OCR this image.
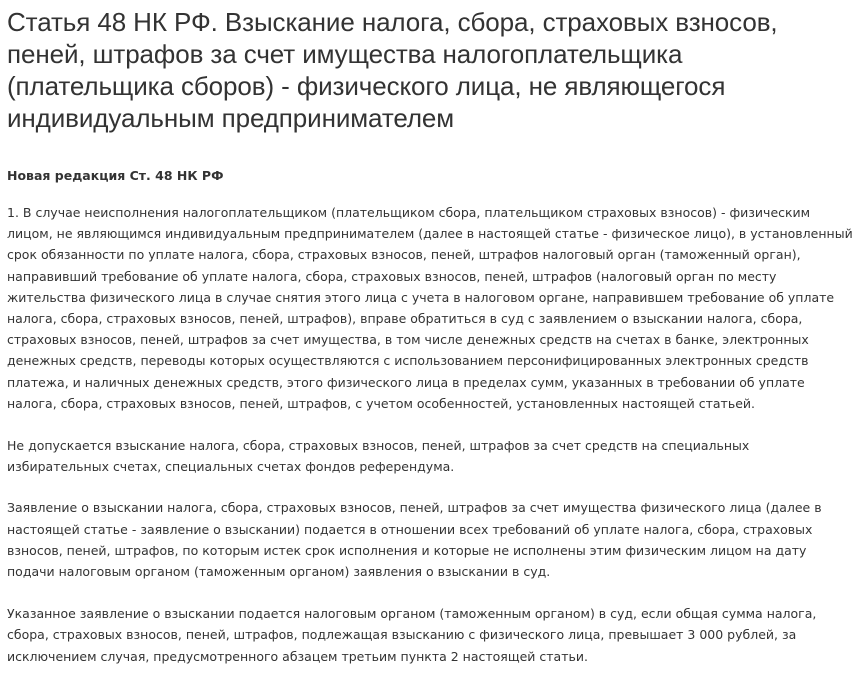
Статья 48 НК РФ. Взыскание налога, сбора, страховых взносов, пеней, штрафов за счет имущества налогоплательщика (плательщика сборов) - физического лица, не являющегося индивидуальным предпринимателем
Новая редакция Ст. 48 НК РФ

1. В случае неисполнения налогоплательщиком (плательщиком сбора, плательщиком страховых взносов) - физическим лицом, не являющимся индивидуальным предпринимателем (далее в настоящей статье - физическое лицо), в установленный срок обязанности по уплате налога, сбора, страховых взносов, пеней, штрафов налоговый орган (таможенный орган), направивший требование об уплате налога, сбора, страховых взносов, пеней, штрафов (налоговый орган по месту жительства физического лица в случае снятия этого лица с учета в налоговом органе, направившем требование об уплате налога, сбора, страховых взносов, пеней, штрафов), вправе обратиться в суд с заявлением о взыскании налога, сбора, страховых взносов, пеней, штрафов за счет имущества, в том числе денежных средств на счетах в банке, электронных денежных средств, переводы которых осуществляются с использованием персонифицированных электронных средств платежа, и наличных денежных средств, этого физического лица в пределах сумм, указанных в требовании об уплате налога, сбора, страховых взносов, пеней, штрафов, с учетом особенностей, установленных настоящей статьей.

Не допускается взыскание налога, сбора, страховых взносов, пеней, штрафов за счет средств на специальных избирательных счетах, специальных счетах фондов референдума.

Заявление о взыскании налога, сбора, страховых взносов, пеней, штрафов за счет имущества физического лица (далее в настоящей статье - заявление о взыскании) подается в отношении всех требований об уплате налога, сбора, страховых взносов, пеней, штрафов, по которым истек срок исполнения и которые не исполнены этим физическим лицом на дату подачи налоговым органом (таможенным органом) заявления о взыскании в суд.

Указанное заявление о взыскании подается налоговым органом (таможенным органом) в суд, если общая сумма налога, сбора, страховых взносов, пеней, штрафов, подлежащая взысканию с физического лица, превышает 3 000 рублей, за исключением случая, предусмотренного абзацем третьим пункта 2 настоящей статьи.
